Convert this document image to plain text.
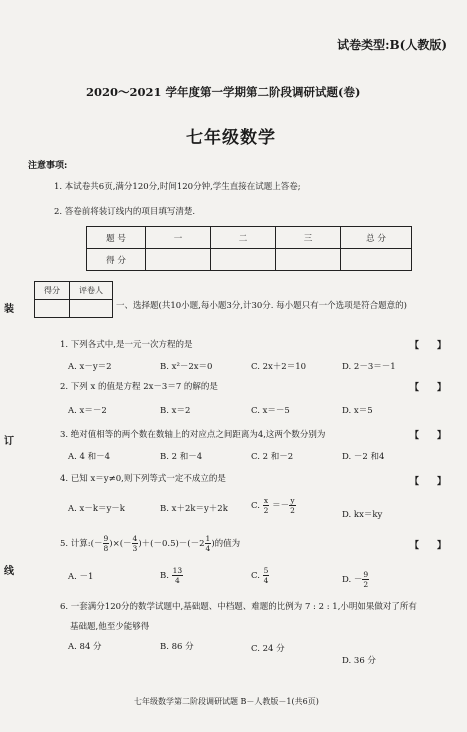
试卷类型:B(人教版)
2020～2021 学年度第一学期第二阶段调研试题(卷)
七年级数学
注意事项:
1. 本试卷共6页,满分120分,时间120分钟,学生直接在试题上答卷;
2. 答卷前将装订线内的项目填写清楚.
题 号	一	二	三	总 分
得 分				
得分	评卷人

一、选择题(共10小题,每小题3分,计30分. 每小题只有一个选项是符合题意的)
装
订
线
1. 下列各式中,是一元一次方程的是	【　　】
A. x－y＝2	B. x²－2x＝0	C. 2x＋2＝10	D. 2－3＝－1
2. 下列 x 的值是方程 2x－3＝7 的解的是	【　　】
A. x＝－2	B. x＝2	C. x＝－5	D. x＝5
3. 绝对值相等的两个数在数轴上的对应点之间距离为4,这两个数分别为	【　　】
A. 4 和－4	B. 2 和－4	C. 2 和－2	D. －2 和4
4. 已知 x＝y≠0,则下列等式一定不成立的是	【　　】
A. x－k＝y－k	B. x＋2k＝y＋2k	C. $\frac{x}{2} =- \frac{y}{2}$	D. kx＝ky
5. 计算:(－ $\frac{9}{8}$ )×(－ $\frac{4}{3} )+(-0.5)-(-2 \frac{1}{4}$ )的值为	【　　】
A. －1	B. $\frac{13}{4}$	C. $\frac{5}{4}$	D. － $\frac{9}{2}$
6. 一套满分120分的数学试题中,基础题、中档题、难题的比例为 7 : 2 : 1,小明如果做对了所有
基础题,他至少能够得
A. 84 分	B. 86 分	C. 24 分
D. 36 分
七年级数学第二阶段调研试题 B－人教版－1(共6页)
